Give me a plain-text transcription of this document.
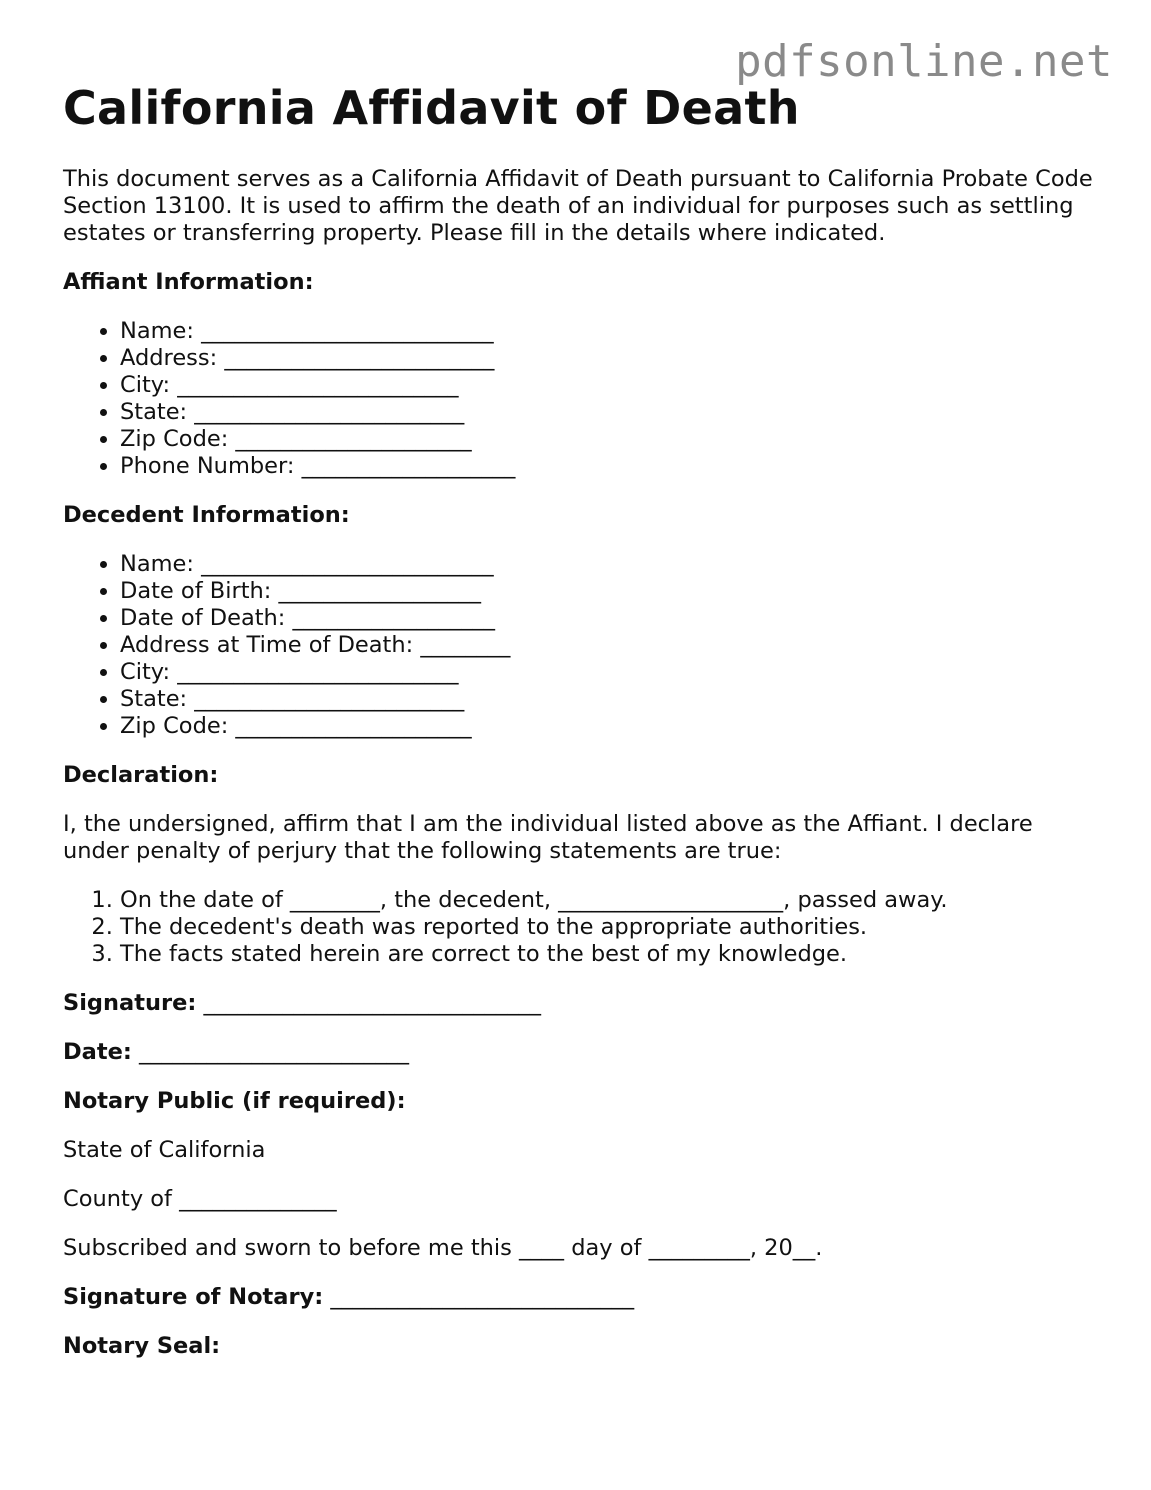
pdfsonline.net
California Affidavit of Death

This document serves as a California Affidavit of Death pursuant to California Probate Code Section 13100. It is used to affirm the death of an individual for purposes such as settling estates or transferring property. Please fill in the details where indicated.

Affiant Information:
• Name: __________________________
• Address: ________________________
• City: _________________________
• State: ________________________
• Zip Code: _____________________
• Phone Number: ___________________
Decedent Information:
• Name: __________________________
• Date of Birth: __________________
• Date of Death: __________________
• Address at Time of Death: ________
• City: _________________________
• State: ________________________
• Zip Code: _____________________
Declaration:

I, the undersigned, affirm that I am the individual listed above as the Affiant. I declare under penalty of perjury that the following statements are true:

1. On the date of ________, the decedent, ____________________, passed away.
2. The decedent's death was reported to the appropriate authorities.
3. The facts stated herein are correct to the best of my knowledge.

Signature: ______________________________

Date: ________________________

Notary Public (if required):

State of California

County of ______________

Subscribed and sworn to before me this ____ day of _________, 20__.

Signature of Notary: ___________________________

Notary Seal:
